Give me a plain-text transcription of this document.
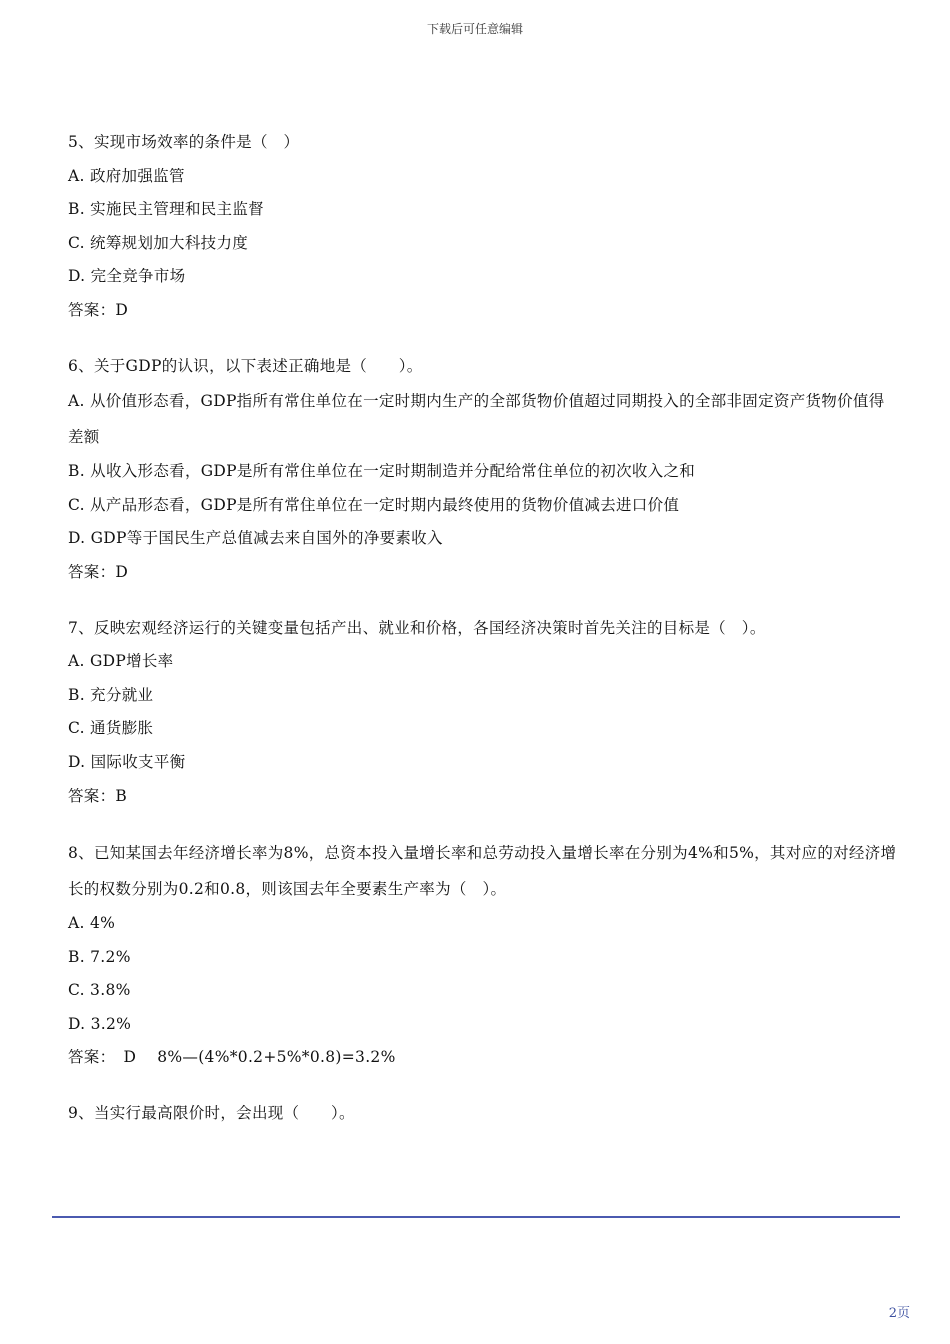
下载后可任意编辑
5、实现市场效率的条件是（　）
A. 政府加强监管
B. 实施民主管理和民主监督
C. 统筹规划加大科技力度
D. 完全竞争市场
答案：D
6、关于GDP的认识，以下表述正确地是（　　）。
A. 从价值形态看，GDP指所有常住单位在一定时期内生产的全部货物价值超过同期投入的全部非固定资产货物价值得差额
B. 从收入形态看，GDP是所有常住单位在一定时期制造并分配给常住单位的初次收入之和
C. 从产品形态看，GDP是所有常住单位在一定时期内最终使用的货物价值减去进口价值
D. GDP等于国民生产总值减去来自国外的净要素收入
答案：D
7、反映宏观经济运行的关键变量包括产出、就业和价格，各国经济决策时首先关注的目标是（　）。
A. GDP增长率
B. 充分就业
C. 通货膨胀
D. 国际收支平衡
答案：B
8、已知某国去年经济增长率为8%，总资本投入量增长率和总劳动投入量增长率在分别为4%和5%，其对应的对经济增长的权数分别为0.2和0.8，则该国去年全要素生产率为（　）。
A. 4%
B. 7.2%
C. 3.8%
D. 3.2%
答案：　D　 8%—(4%*0.2+5%*0.8)=3.2%
9、当实行最高限价时，会出现（　　）。
2页
